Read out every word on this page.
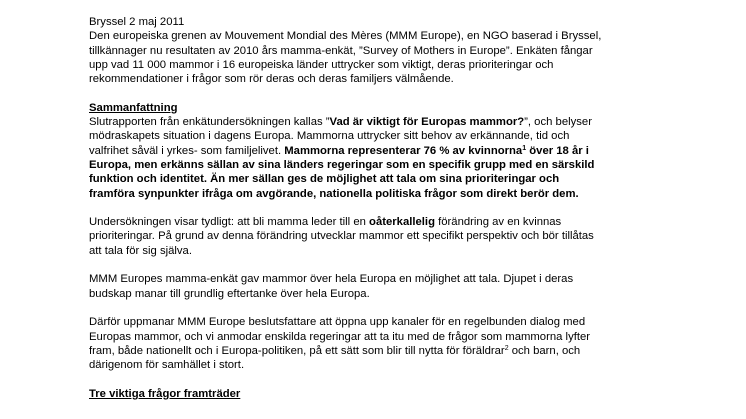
Bryssel 2 maj 2011
Den europeiska grenen av Mouvement Mondial des Mères (MMM Europe), en NGO baserad i Bryssel,
tillkännager nu resultaten av 2010 års mamma-enkät, ”Survey of Mothers in Europe”. Enkäten fångar
upp vad 11 000 mammor i 16 europeiska länder uttrycker som viktigt, deras prioriteringar och
rekommendationer i frågor som rör deras och deras familjers välmående.
Sammanfattning
Slutrapporten från enkätundersökningen kallas ”Vad är viktigt för Europas mammor?”, och belyser
mödraskapets situation i dagens Europa. Mammorna uttrycker sitt behov av erkännande, tid och
valfrihet såväl i yrkes- som familjelivet. Mammorna representerar 76 % av kvinnorna$^1$ över 18 år i
Europa, men erkänns sällan av sina länders regeringar som en specifik grupp med en särskild
funktion och identitet. Än mer sällan ges de möjlighet att tala om sina prioriteringar och
framföra synpunkter ifråga om avgörande, nationella politiska frågor som direkt berör dem.
Undersökningen visar tydligt: att bli mamma leder till en oåterkallelig förändring av en kvinnas
prioriteringar. På grund av denna förändring utvecklar mammor ett specifikt perspektiv och bör tillåtas
att tala för sig själva.
MMM Europes mamma-enkät gav mammor över hela Europa en möjlighet att tala. Djupet i deras
budskap manar till grundlig eftertanke över hela Europa.
Därför uppmanar MMM Europe beslutsfattare att öppna upp kanaler för en regelbunden dialog med
Europas mammor, och vi anmodar enskilda regeringar att ta itu med de frågor som mammorna lyfter
fram, både nationellt och i Europa-politiken, på ett sätt som blir till nytta för föräldrar$^2$ och barn, och
därigenom för samhället i stort.
Tre viktiga frågor framträder
